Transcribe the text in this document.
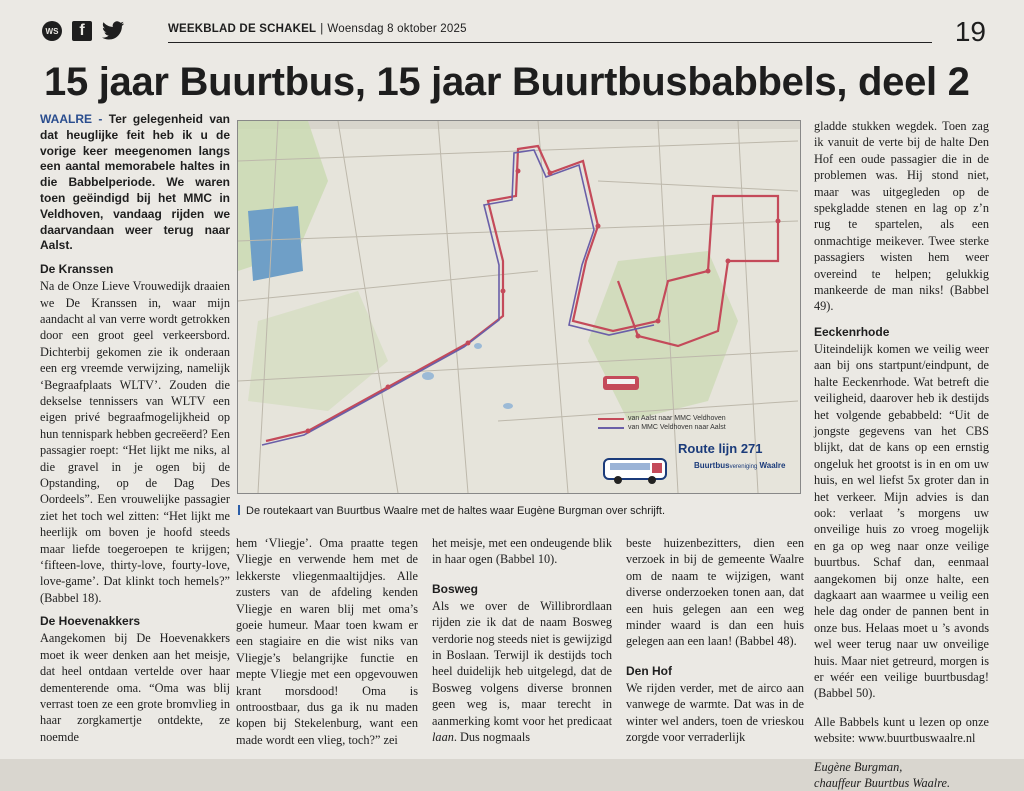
WS f	WEEKBLAD DE SCHAKEL | Woensdag 8 oktober 2025	19
15 jaar Buurtbus, 15 jaar Buurtbusbabbels, deel 2

WAALRE - Ter gelegenheid van dat heuglijke feit heb ik u de vorige keer meegenomen langs een aantal memorabele haltes in die Babbelperiode. We waren toen geëindigd bij het MMC in Veldhoven, vandaag rijden we daarvandaan weer terug naar Aalst.

De Kranssen

Na de Onze Lieve Vrouwedijk draaien we De Kranssen in, waar mijn aandacht al van verre wordt getrokken door een groot geel verkeersbord. Dichterbij gekomen zie ik onderaan een erg vreemde verwijzing, namelijk ‘Begraafplaats WLTV’. Zouden die dekselse tennissers van WLTV een eigen privé begraafmogelijkheid op hun tennispark hebben gecreëerd? Een passagier roept: “Het lijkt me niks, al die gravel in je ogen bij de Opstanding, op de Dag Des Oordeels”. Een vrouwelijke passagier ziet het toch wel zitten: “Het lijkt me heerlijk om boven je hoofd steeds maar liefde toegeroepen te krijgen; ‘fifteen-love, thirty-love, fourty-love, love-game’. Dat klinkt toch hemels?” (Babbel 18).

De Hoevenakkers

Aangekomen bij De Hoevenakkers moet ik weer denken aan het meisje, dat heel ontdaan vertelde over haar dementerende oma. “Oma was blij verrast toen ze een grote bromvlieg in haar zorgkamertje ontdekte, ze noemde

van Aalst naar MMC Veldhoven
van MMC Veldhoven naar Aalst
Route lijn 271
Buurtbusvereniging Waalre
De routekaart van Buurtbus Waalre met de haltes waar Eugène Burgman over schrijft.

hem ‘Vliegje’. Oma praatte tegen Vliegje en verwende hem met de lekkerste vliegenmaaltijdjes. Alle zusters van de afdeling kenden Vliegje en waren blij met oma’s goeie humeur. Maar toen kwam er een stagiaire en die wist niks van Vliegje’s belangrijke functie en mepte Vliegje met een opgevouwen krant morsdood! Oma is ontroostbaar, dus ga ik nu maden kopen bij Stekelenburg, want een made wordt een vlieg, toch?” zei

het meisje, met een ondeugende blik in haar ogen (Babbel 10).

Bosweg

Als we over de Willibrordlaan rijden zie ik dat de naam Bosweg verdorie nog steeds niet is gewijzigd in Boslaan. Terwijl ik destijds toch heel duidelijk heb uitgelegd, dat de Bosweg volgens diverse bronnen geen weg is, maar terecht in aanmerking komt voor het predicaat laan. Dus nogmaals

beste huizenbezitters, dien een verzoek in bij de gemeente Waalre om de naam te wijzigen, want diverse onderzoeken tonen aan, dat een huis gelegen aan een weg minder waard is dan een huis gelegen aan een laan! (Babbel 48).

Den Hof

We rijden verder, met de airco aan vanwege de warmte. Dat was in de winter wel anders, toen de vrieskou zorgde voor verraderlijk

gladde stukken wegdek. Toen zag ik vanuit de verte bij de halte Den Hof een oude passagier die in de problemen was. Hij stond niet, maar was uitgegleden op de spekgladde stenen en lag op z’n rug te spartelen, als een onmachtige meikever. Twee sterke passagiers wisten hem weer overeind te helpen; gelukkig mankeerde de man niks! (Babbel 49).

Eeckenrhode

Uiteindelijk komen we veilig weer aan bij ons startpunt/eindpunt, de halte Eeckenrhode. Wat betreft die veiligheid, daarover heb ik destijds het volgende gebabbeld: “Uit de jongste gegevens van het CBS blijkt, dat de kans op een ernstig ongeluk het grootst is in en om uw huis, en wel liefst 5x groter dan in het verkeer. Mijn advies is dan ook: verlaat ’s morgens uw onveilige huis zo vroeg mogelijk en ga op weg naar onze veilige buurtbus. Schaf dan, eenmaal aangekomen bij onze halte, een dagkaart aan waarmee u veilig een hele dag onder de pannen bent in onze bus. Helaas moet u ’s avonds wel weer terug naar uw onveilige huis. Maar niet getreurd, morgen is er wéér een veilige buurtbusdag! (Babbel 50).

Alle Babbels kunt u lezen op onze website: www.buurtbuswaalre.nl

Eugène Burgman,

chauffeur Buurtbus Waalre.
